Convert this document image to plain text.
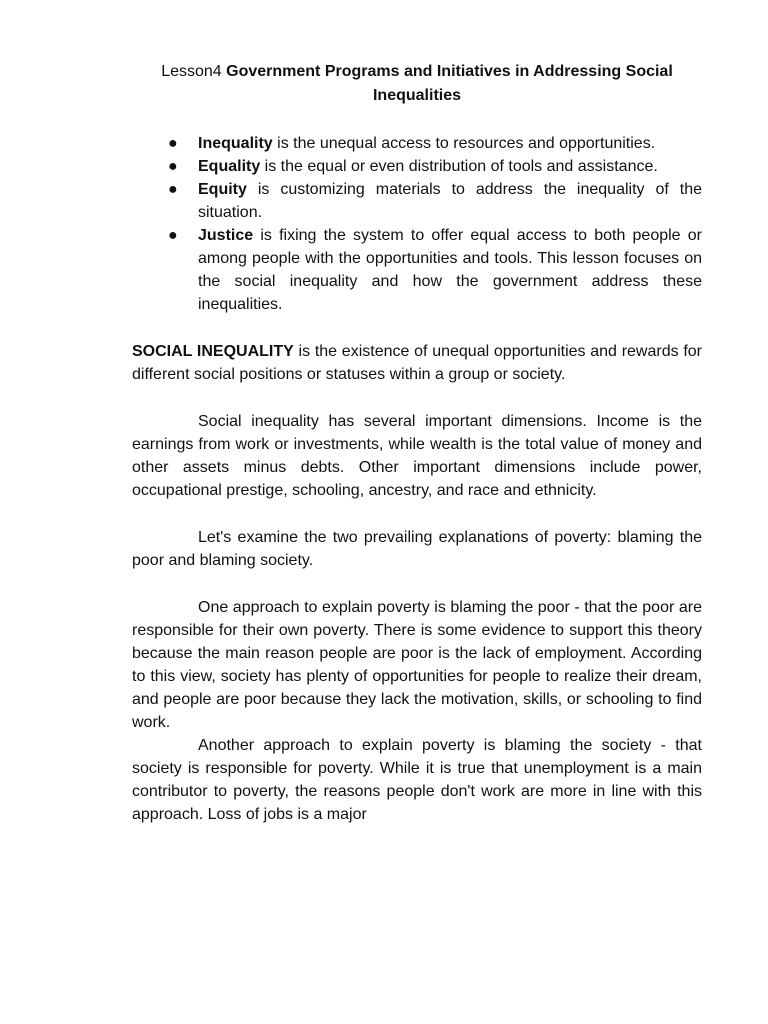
Lesson4 Government Programs and Initiatives in Addressing Social Inequalities
● Inequality is the unequal access to resources and opportunities.
● Equality is the equal or even distribution of tools and assistance.
● Equity is customizing materials to address the inequality of the situation.
● Justice is fixing the system to offer equal access to both people or among people with the opportunities and tools. This lesson focuses on the social inequality and how the government address these inequalities.

SOCIAL INEQUALITY is the existence of unequal opportunities and rewards for different social positions or statuses within a group or society.

Social inequality has several important dimensions. Income is the earnings from work or investments, while wealth is the total value of money and other assets minus debts. Other important dimensions include power, occupational prestige, schooling, ancestry, and race and ethnicity.

Let's examine the two prevailing explanations of poverty: blaming the poor and blaming society.

One approach to explain poverty is blaming the poor - that the poor are responsible for their own poverty. There is some evidence to support this theory because the main reason people are poor is the lack of employment. According to this view, society has plenty of opportunities for people to realize their dream, and people are poor because they lack the motivation, skills, or schooling to find work.

Another approach to explain poverty is blaming the society - that society is responsible for poverty. While it is true that unemployment is a main contributor to poverty, the reasons people don't work are more in line with this approach. Loss of jobs is a major
